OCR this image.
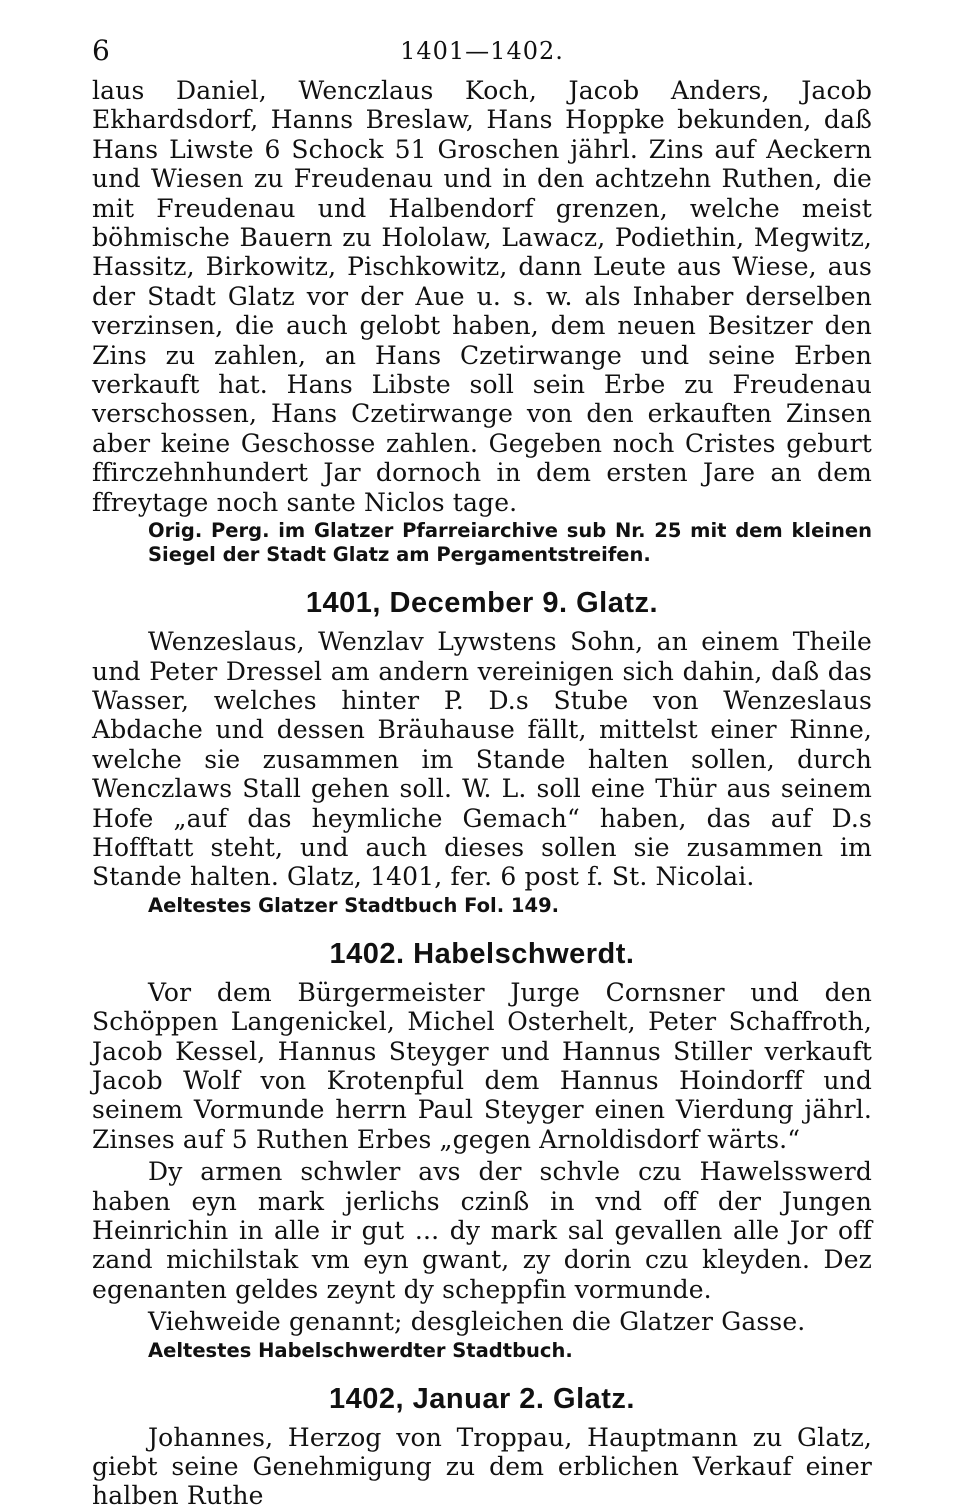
6	1401—1402.

laus Daniel, Wenczlaus Koch, Jacob Anders, Jacob Ekhardsdorf, Hanns Breslaw, Hans Hoppke bekunden, daß Hans Liwste 6 Schock 51 Groschen jährl. Zins auf Aeckern und Wiesen zu Freudenau und in den achtzehn Ruthen, die mit Freudenau und Halbendorf grenzen, welche meist böhmische Bauern zu Hololaw, Lawacz, Podiethin, Megwitz, Hassitz, Birkowitz, Pischkowitz, dann Leute aus Wiese, aus der Stadt Glatz vor der Aue u. s. w. als Inhaber derselben verzinsen, die auch gelobt haben, dem neuen Besitzer den Zins zu zahlen, an Hans Czetirwange und seine Erben verkauft hat. Hans Libste soll sein Erbe zu Freudenau verschossen, Hans Czetirwange von den erkauften Zinsen aber keine Geschosse zahlen. Gegeben noch Cristes geburt ffirczehnhundert Jar dornoch in dem ersten Jare an dem ffreytage noch sante Niclos tage.

Orig. Perg. im Glatzer Pfarreiarchive sub Nr. 25 mit dem kleinen Siegel der Stadt Glatz am Pergamentstreifen.

1401, December 9. Glatz.

Wenzeslaus, Wenzlav Lywstens Sohn, an einem Theile und Peter Dressel am andern vereinigen sich dahin, daß das Wasser, welches hinter P. D.s Stube von Wenzeslaus Abdache und dessen Bräuhause fällt, mittelst einer Rinne, welche sie zusammen im Stande halten sollen, durch Wenczlaws Stall gehen soll. W. L. soll eine Thür aus seinem Hofe „auf das heymliche Gemach“ haben, das auf D.s Hofftatt steht, und auch dieses sollen sie zusammen im Stande halten. Glatz, 1401, fer. 6 post f. St. Nicolai.

Aeltestes Glatzer Stadtbuch Fol. 149.

1402. Habelschwerdt.

Vor dem Bürgermeister Jurge Cornsner und den Schöppen Langenickel, Michel Osterhelt, Peter Schaffroth, Jacob Kessel, Hannus Steyger und Hannus Stiller verkauft Jacob Wolf von Krotenpful dem Hannus Hoindorff und seinem Vormunde herrn Paul Steyger einen Vierdung jährl. Zinses auf 5 Ruthen Erbes „gegen Arnoldisdorf wärts.“

Dy armen schwler avs der schvle czu Hawelsswerd haben eyn mark jerlichs czinß in vnd off der Jungen Heinrichin in alle ir gut ... dy mark sal gevallen alle Jor off zand michilstak vm eyn gwant, zy dorin czu kleyden. Dez egenanten geldes zeynt dy scheppfin vormunde.

Viehweide genannt; desgleichen die Glatzer Gasse.

Aeltestes Habelschwerdter Stadtbuch.

1402, Januar 2. Glatz.

Johannes, Herzog von Troppau, Hauptmann zu Glatz, giebt seine Genehmigung zu dem erblichen Verkauf einer halben Ruthe
